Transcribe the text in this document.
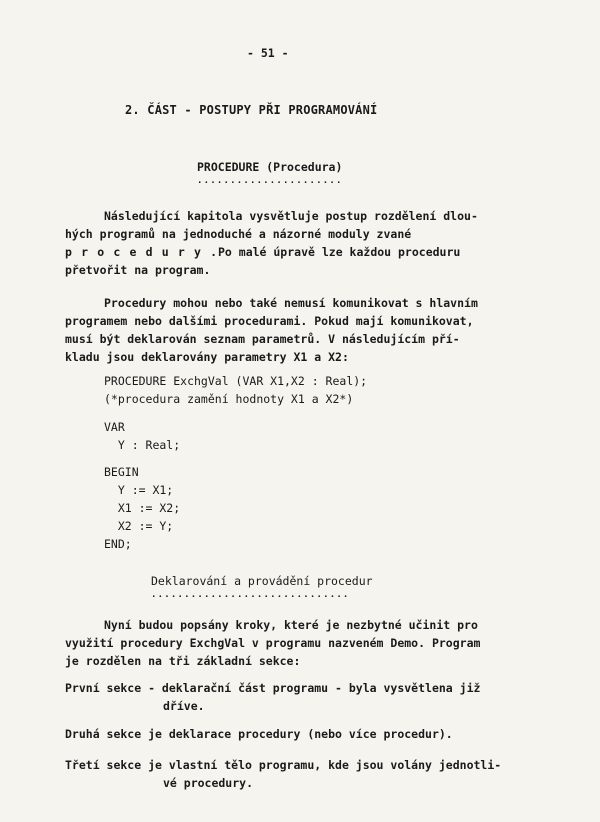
- 51 -
2. ČÁST - POSTUPY PŘI PROGRAMOVÁNÍ
PROCEDURE (Procedura)
......................
Následující kapitola vysvětluje postup rozdělení dlou-
hých programů na jednoduché a názorné moduly zvané
procedury.
Po malé úpravě lze každou proceduru
přetvořit na program.
Procedury mohou nebo také nemusí komunikovat s hlavním
programem nebo dalšími procedurami. Pokud mají komunikovat,
musí být deklarován seznam parametrů. V následujícím pří-
kladu jsou deklarovány parametry X1 a X2:
PROCEDURE ExchgVal (VAR X1,X2 : Real);
(*procedura zamění hodnoty X1 a X2*)
VAR
Y : Real;
BEGIN
Y := X1;
X1 := X2;
X2 := Y;
END;
Deklarování a provádění procedur
..............................
Nyní budou popsány kroky, které je nezbytné učinit pro
využití procedury ExchgVal v programu nazveném Demo. Program
je rozdělen na tři základní sekce:
První sekce - deklarační část programu - byla vysvětlena již
dříve.
Druhá sekce je deklarace procedury (nebo více procedur).
Třetí sekce je vlastní tělo programu, kde jsou volány jednotli-
vé procedury.
